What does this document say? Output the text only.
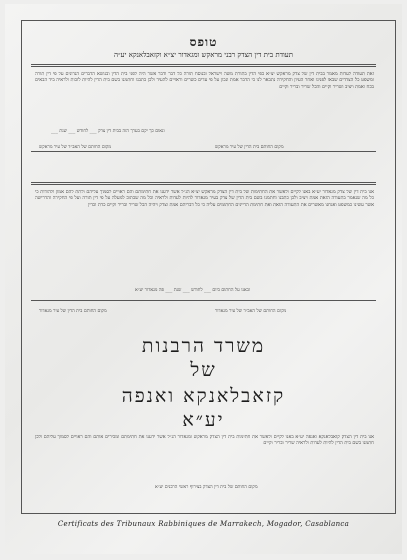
טופס
תעודת בית דין הצדק רבני מראקש ומגאדור יצ״א וקזאבלאנקא יע״ה

זאת תעודה לעדות מאמר בבית דין של צדק מראקש יצ״א כפי הדין בתורת משה וישראל ובנוסח תורה כל דבר ודבר אשר היה לפני בית הדין ובנושא הדברים הנדונים על פי דין תורה ומשפט כל הצדדים שבאו לפנינו ואחר העיון והחקירה נתבאר לנו כי הדבר אמת ונכון על פי עדים כשרים וראויים להעיד ולכן כתבנו וחתמנו בשם בית הדין להיות לזכות ולראיה ביד הבאים בכח ואמת ויציב ושריר וקיים והכל שריר ובריר וקיים

ונאום כך יקם בערך הזה בבית דין צדק ___ לחודש ___ שנת ___
מקום החותם בית הדין של עיר מראקש
מקום החותם של האב״ד של עיר מראקש

אנו בית דין של צדק מגאדור יע״א באנו לקיים ולאשר את החתימות של בית דין הצדק מראקש יצ״א הנ״ל אשר ידענו את חתימתם והם ראויים לסמוך עליהם ולתת להם אמון ולהודות כי כל מה שנאמר בתעודה הזאת אמת ויציב ולכן כתבנו וחתמנו בשם בית הדין של צדק בעיר מגאדור להיות לעדות ולראיה וכל מה שכתוב למעלה על פי דין תורה ועל פי החקירה והדרישה אשר עשינו כמשפט ואנחנו מאשרים את התעודה הזאת ואת חתימת הדיינים החתומים עליה כי כל דבריהם אמת וצדק ויהיה הכל שריר ובריר וקיים כדת וכדין

ובאנו על החתום ביום ___ לחודש ___ שנת ___ פה מגאדור יע״א
מקום החותם של האב״ד של עיר מגאדור
מקום החותם בית הדין של עיר מגאדור
משרד הרבנות
של
קזאבלאנקא ואנפה
יע״א

אנו בית דין הצדק קזאבלאנקא ואנפה יע״א באנו לקיים ולאשר את חתימות בית דין הצדק מראקש ומגאדור הנ״ל אשר ידענו את חתימתם ומכירים אותם והם ראויים לסמוך עליהם ולכן חתמנו בשם בית הדין להיות לעדות ולראיה שריר ובריר וקיים

מקום החותם של בית דין הצדק בצירוף ראשי הרבנים יע״א
Certificats des Tribunaux Rabbiniques de Marrakech, Mogador, Casablanca
